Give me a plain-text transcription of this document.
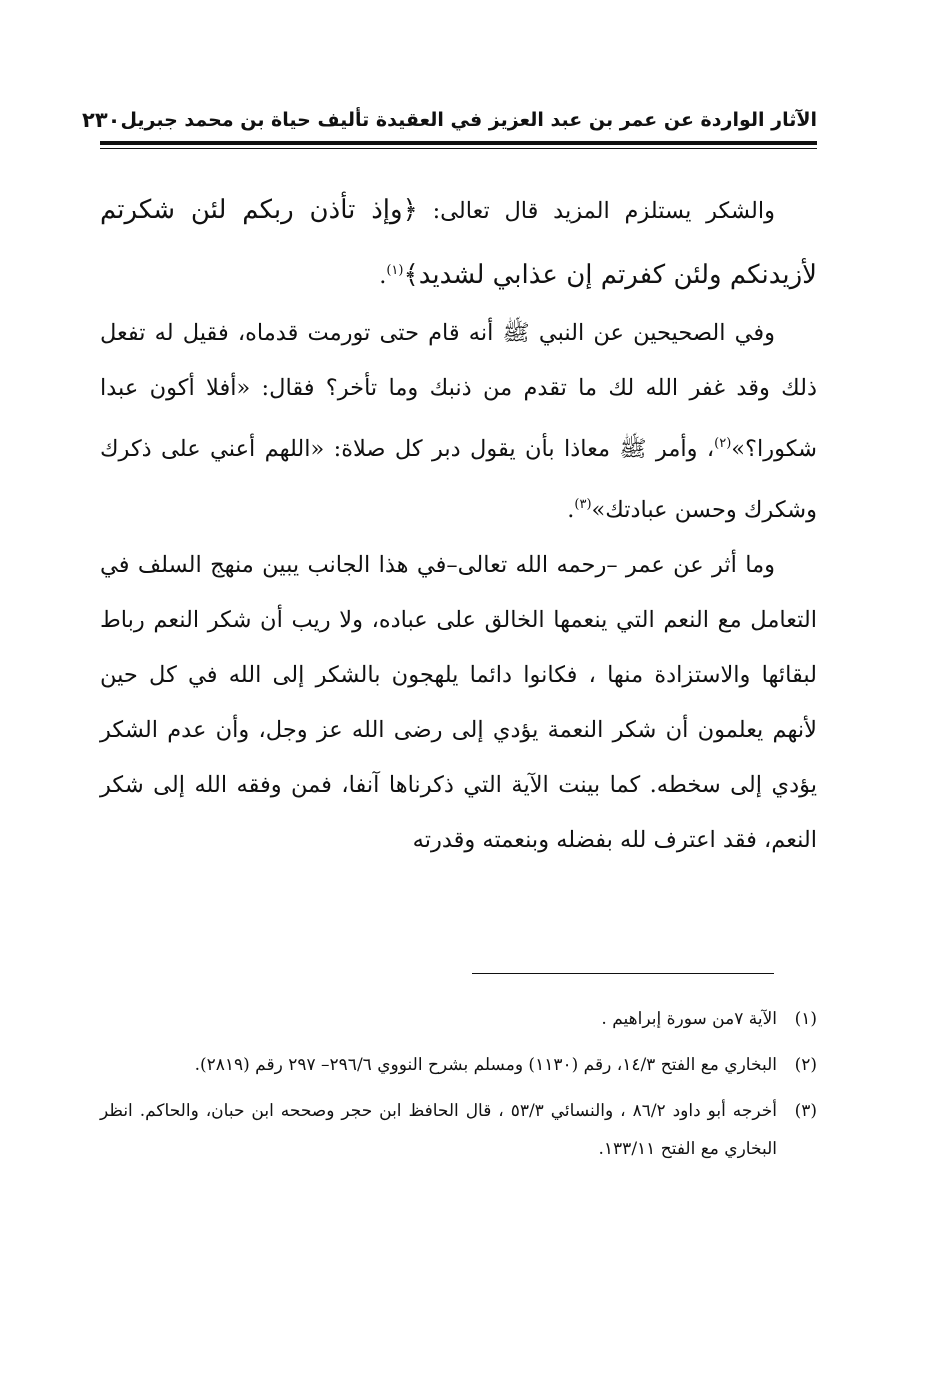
الآثار الواردة عن عمر بن عبد العزيز في العقيدة تأليف حياة بن محمد جبريل
٢٣٠

والشكر يستلزم المزيد قال تعالى: ﴿وإذ تأذن ربكم لئن شكرتم لأزيدنكم ولئن كفرتم إن عذابي لشديد﴾$^{(١)}$.

وفي الصحيحين عن النبي ﷺ أنه قام حتى تورمت قدماه، فقيل له تفعل ذلك وقد غفر الله لك ما تقدم من ذنبك وما تأخر؟ فقال: «أفلا أكون عبدا شكورا؟»$^{(٢)}$، وأمر ﷺ معاذا بأن يقول دبر كل صلاة: «اللهم أعني على ذكرك وشكرك وحسن عبادتك»$^{(٣)}$.

وما أثر عن عمر –رحمه الله تعالى–في هذا الجانب يبين منهج السلف في التعامل مع النعم التي ينعمها الخالق على عباده، ولا ريب أن شكر النعم رباط لبقائها والاستزادة منها ، فكانوا دائما يلهجون بالشكر إلى الله في كل حين لأنهم يعلمون أن شكر النعمة يؤدي إلى رضى الله عز وجل، وأن عدم الشكر يؤدي إلى سخطه. كما بينت الآية التي ذكرناها آنفا، فمن وفقه الله إلى شكر النعم، فقد اعترف لله بفضله وبنعمته وقدرته

(١)
الآية ٧من سورة إبراهيم .
(٢)
البخاري مع الفتح ١٤/٣، رقم (١١٣٠) ومسلم بشرح النووي ٢٩٦/٦– ٢٩٧ رقم (٢٨١٩).
(٣)
أخرجه أبو داود ٨٦/٢ ، والنسائي ٥٣/٣ ، قال الحافظ ابن حجر وصححه ابن حبان، والحاكم. انظر البخاري مع الفتح ١٣٣/١١.
